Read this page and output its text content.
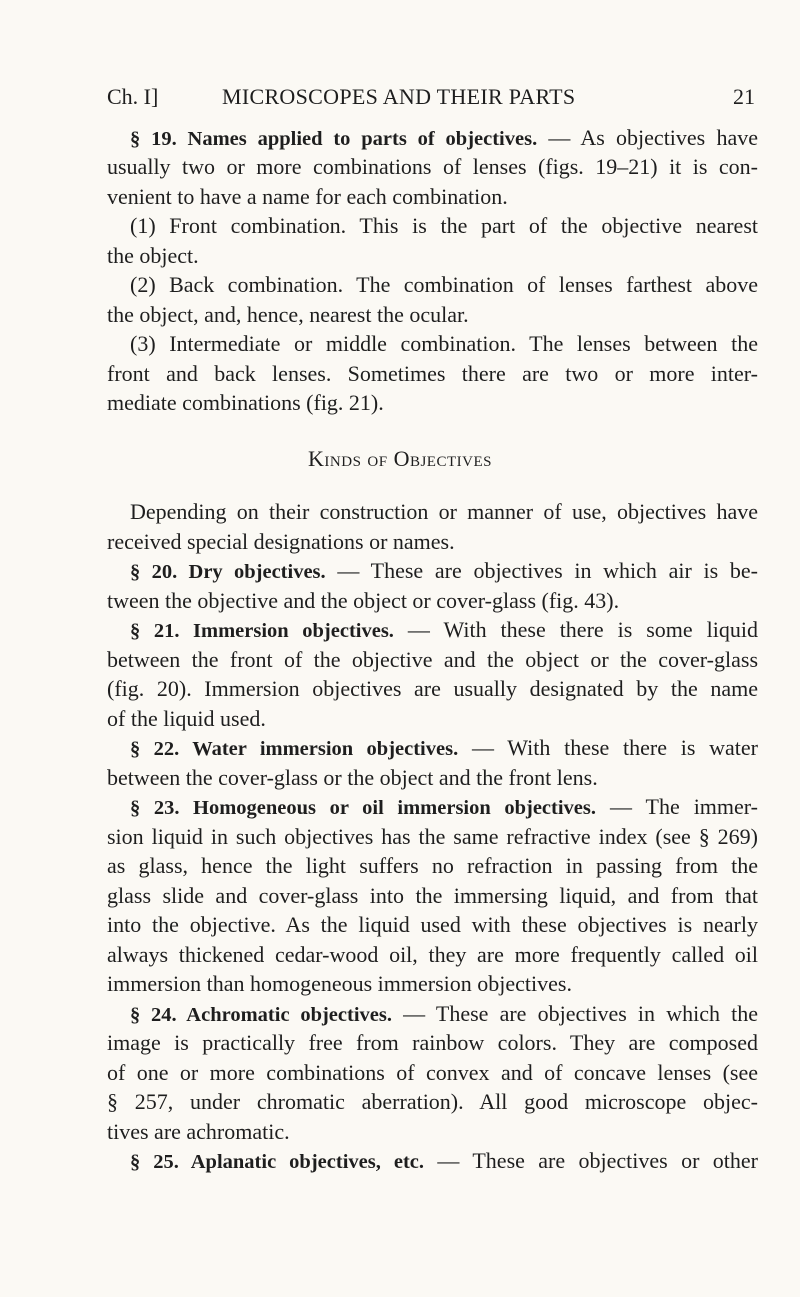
Ch. I]	MICROSCOPES AND THEIR PARTS	21
Kinds of Objectives
§ 19. Names applied to parts of objectives. — As objectives have
usually two or more combinations of lenses (figs. 19–21) it is con-
venient to have a name for each combination.
(1) Front combination. This is the part of the objective nearest
the object.
(2) Back combination. The combination of lenses farthest above
the object, and, hence, nearest the ocular.
(3) Intermediate or middle combination. The lenses between the
front and back lenses. Sometimes there are two or more inter-
mediate combinations (fig. 21).
Depending on their construction or manner of use, objectives have
received special designations or names.
§ 20. Dry objectives. — These are objectives in which air is be-
tween the objective and the object or cover-glass (fig. 43).
§ 21. Immersion objectives. — With these there is some liquid
between the front of the objective and the object or the cover-glass
(fig. 20). Immersion objectives are usually designated by the name
of the liquid used.
§ 22. Water immersion objectives. — With these there is water
between the cover-glass or the object and the front lens.
§ 23. Homogeneous or oil immersion objectives. — The immer-
sion liquid in such objectives has the same refractive index (see § 269)
as glass, hence the light suffers no refraction in passing from the
glass slide and cover-glass into the immersing liquid, and from that
into the objective. As the liquid used with these objectives is nearly
always thickened cedar-wood oil, they are more frequently called oil
immersion than homogeneous immersion objectives.
§ 24. Achromatic objectives. — These are objectives in which the
image is practically free from rainbow colors. They are composed
of one or more combinations of convex and of concave lenses (see
§ 257, under chromatic aberration). All good microscope objec-
tives are achromatic.
§ 25. Aplanatic objectives, etc. — These are objectives or other
